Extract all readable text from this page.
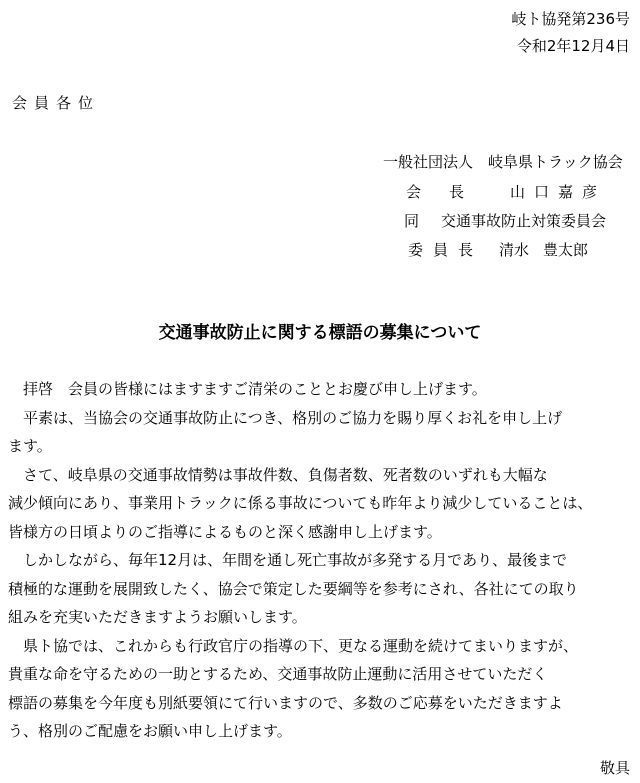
岐ト協発第236号
令和2年12月4日
会員各位
一般社団法人　岐阜県トラック協会
会長 山口嘉彦
同 交通事故防止対策委員会
委員長 清水 豊太郎
交通事故防止に関する標語の募集について
　拝啓　会員の皆様にはますますご清栄のこととお慶び申し上げます。
　平素は、当協会の交通事故防止につき、格別のご協力を賜り厚くお礼を申し上げ
ます。
　さて、岐阜県の交通事故情勢は事故件数、負傷者数、死者数のいずれも大幅な
減少傾向にあり、事業用トラックに係る事故についても昨年より減少していることは、
皆様方の日頃よりのご指導によるものと深く感謝申し上げます。
　しかしながら、毎年12月は、年間を通し死亡事故が多発する月であり、最後まで
積極的な運動を展開致したく、協会で策定した要綱等を参考にされ、各社にての取り
組みを充実いただきますようお願いします。
　県ト協では、これからも行政官庁の指導の下、更なる運動を続けてまいりますが、
貴重な命を守るための一助とするため、交通事故防止運動に活用させていただく
標語の募集を今年度も別紙要領にて行いますので、多数のご応募をいただきますよ
う、格別のご配慮をお願い申し上げます。
敬具
